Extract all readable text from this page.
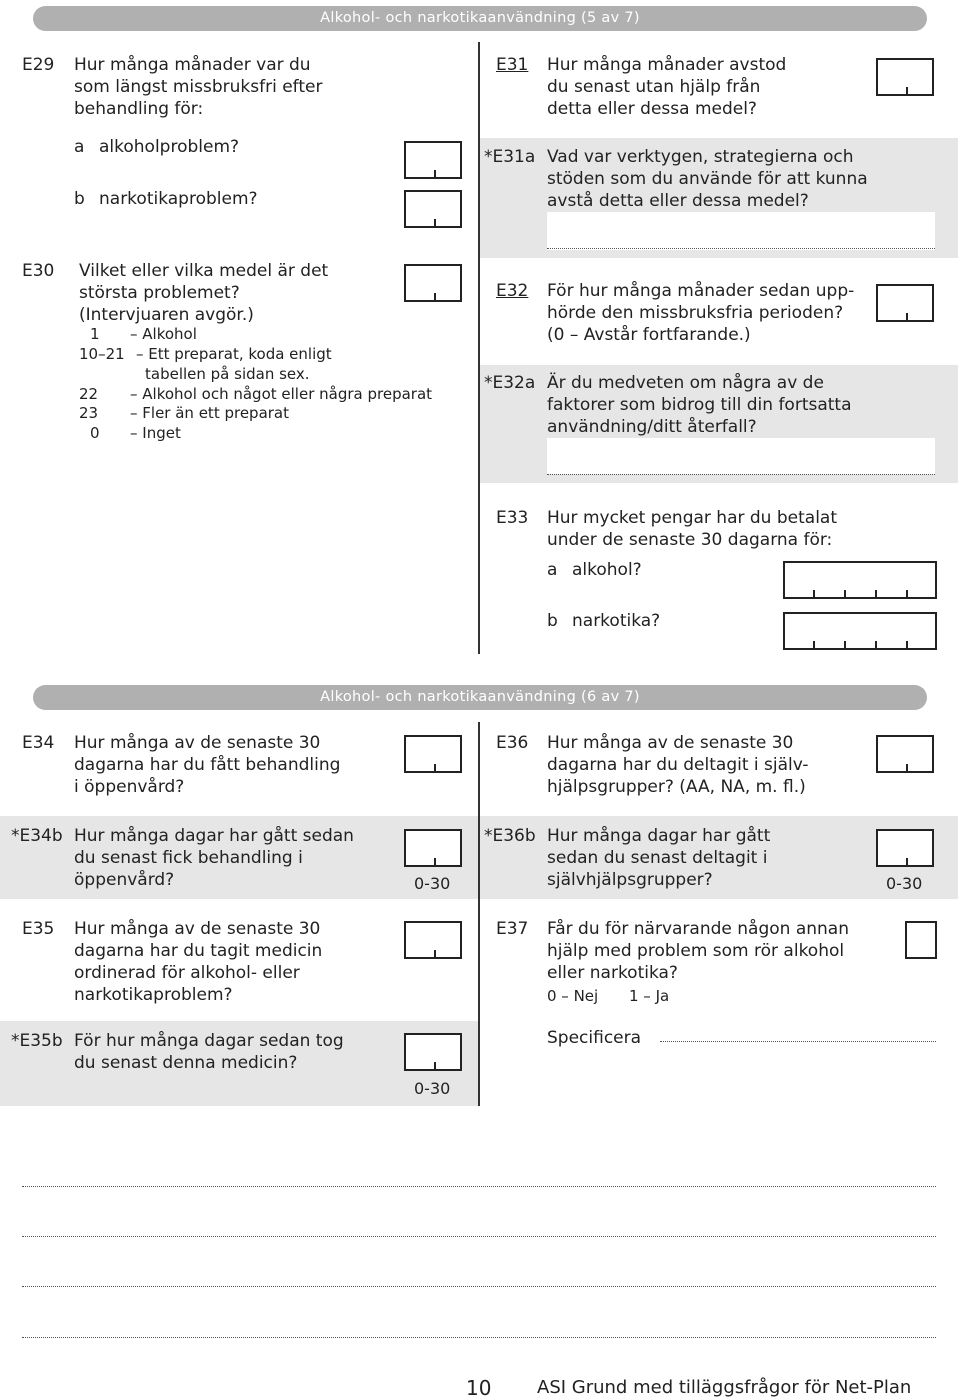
Alkohol- och narkotikaanvändning (5 av 7)
E29 Hur många månader var du
som längst missbruksfri efter
behandling för:
a alkoholproblem?
b narkotikaproblem?
E30 Vilket eller vilka medel är det
största problemet?
(Intervjuaren avgör.)
1 – Alkohol
10–21 – Ett preparat, koda enligt
tabellen på sidan sex.
22 – Alkohol och något eller några preparat
23 – Fler än ett preparat
0 – Inget
E31 Hur många månader avstod
du senast utan hjälp från
detta eller dessa medel?
*E31a Vad var verktygen, strategierna och
stöden som du använde för att kunna
avstå detta eller dessa medel?
E32 För hur många månader sedan upp-
hörde den missbruksfria perioden?
(0 – Avstår fortfarande.)
*E32a Är du medveten om några av de
faktorer som bidrog till din fortsatta
användning/ditt återfall?
E33 Hur mycket pengar har du betalat
under de senaste 30 dagarna för:
a alkohol?
b narkotika?
Alkohol- och narkotikaanvändning (6 av 7)
E34 Hur många av de senaste 30
dagarna har du fått behandling
i öppenvård?
*E34b Hur många dagar har gått sedan
du senast fick behandling i
öppenvård?	0-30
E35 Hur många av de senaste 30
dagarna har du tagit medicin
ordinerad för alkohol- eller
narkotikaproblem?
*E35b För hur många dagar sedan tog
du senast denna medicin?
0-30
E36 Hur många av de senaste 30
dagarna har du deltagit i själv-
hjälpsgrupper? (AA, NA, m. fl.)
*E36b Hur många dagar har gått
sedan du senast deltagit i
självhjälpsgrupper?	0-30
E37 Får du för närvarande någon annan
hjälp med problem som rör alkohol
eller narkotika?
0 – Nej 1 – Ja
Specificera
10	ASI Grund med tilläggsfrågor för Net-Plan
